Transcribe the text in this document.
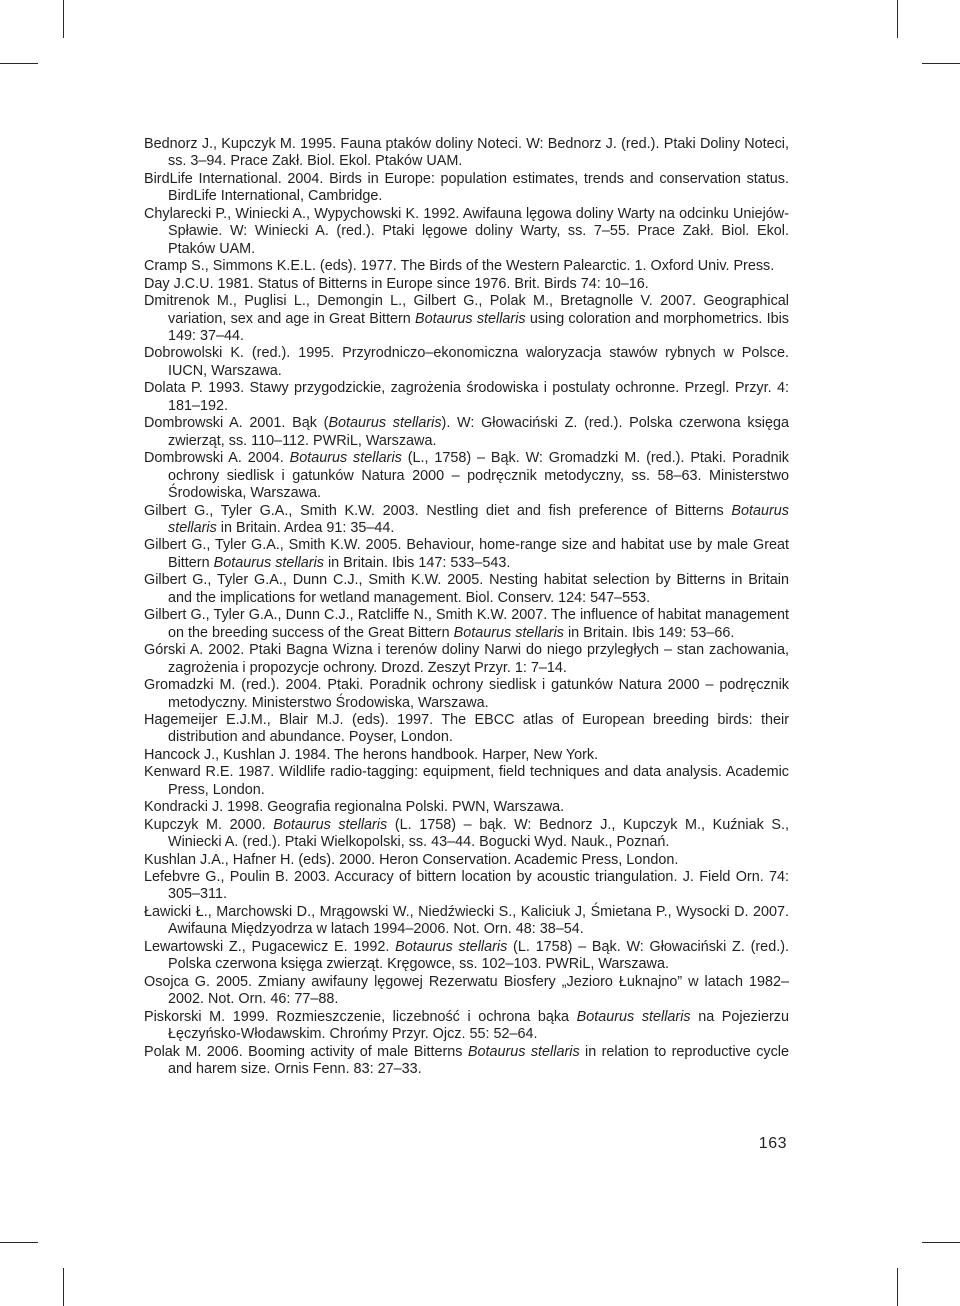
Bednorz J., Kupczyk M. 1995. Fauna ptaków doliny Noteci. W: Bednorz J. (red.). Ptaki Doliny Noteci, ss. 3–94. Prace Zakł. Biol. Ekol. Ptaków UAM.

BirdLife International. 2004. Birds in Europe: population estimates, trends and conservation status. BirdLife International, Cambridge.

Chylarecki P., Winiecki A., Wypychowski K. 1992. Awifauna lęgowa doliny Warty na odcinku Uniejów-Spławie. W: Winiecki A. (red.). Ptaki lęgowe doliny Warty, ss. 7–55. Prace Zakł. Biol. Ekol. Ptaków UAM.

Cramp S., Simmons K.E.L. (eds). 1977. The Birds of the Western Palearctic. 1. Oxford Univ. Press.

Day J.C.U. 1981. Status of Bitterns in Europe since 1976. Brit. Birds 74: 10–16.

Dmitrenok M., Puglisi L., Demongin L., Gilbert G., Polak M., Bretagnolle V. 2007. Geographical variation, sex and age in Great Bittern Botaurus stellaris using coloration and morphometrics. Ibis 149: 37–44.

Dobrowolski K. (red.). 1995. Przyrodniczo–ekonomiczna waloryzacja stawów rybnych w Polsce. IUCN, Warszawa.

Dolata P. 1993. Stawy przygodzickie, zagrożenia środowiska i postulaty ochronne. Przegl. Przyr. 4: 181–192.

Dombrowski A. 2001. Bąk (Botaurus stellaris). W: Głowaciński Z. (red.). Polska czerwona księga zwierząt, ss. 110–112. PWRiL, Warszawa.

Dombrowski A. 2004. Botaurus stellaris (L., 1758) – Bąk. W: Gromadzki M. (red.). Ptaki. Poradnik ochrony siedlisk i gatunków Natura 2000 – podręcznik metodyczny, ss. 58–63. Ministerstwo Środowiska, Warszawa.

Gilbert G., Tyler G.A., Smith K.W. 2003. Nestling diet and fish preference of Bitterns Botaurus stellaris in Britain. Ardea 91: 35–44.

Gilbert G., Tyler G.A., Smith K.W. 2005. Behaviour, home-range size and habitat use by male Great Bittern Botaurus stellaris in Britain. Ibis 147: 533–543.

Gilbert G., Tyler G.A., Dunn C.J., Smith K.W. 2005. Nesting habitat selection by Bitterns in Britain and the implications for wetland management. Biol. Conserv. 124: 547–553.

Gilbert G., Tyler G.A., Dunn C.J., Ratcliffe N., Smith K.W. 2007. The influence of habitat management on the breeding success of the Great Bittern Botaurus stellaris in Britain. Ibis 149: 53–66.

Górski A. 2002. Ptaki Bagna Wizna i terenów doliny Narwi do niego przyległych – stan zachowania, zagrożenia i propozycje ochrony. Drozd. Zeszyt Przyr. 1: 7–14.

Gromadzki M. (red.). 2004. Ptaki. Poradnik ochrony siedlisk i gatunków Natura 2000 – podręcznik metodyczny. Ministerstwo Środowiska, Warszawa.

Hagemeijer E.J.M., Blair M.J. (eds). 1997. The EBCC atlas of European breeding birds: their distribution and abundance. Poyser, London.

Hancock J., Kushlan J. 1984. The herons handbook. Harper, New York.

Kenward R.E. 1987. Wildlife radio-tagging: equipment, field techniques and data analysis. Academic Press, London.

Kondracki J. 1998. Geografia regionalna Polski. PWN, Warszawa.

Kupczyk M. 2000. Botaurus stellaris (L. 1758) – bąk. W: Bednorz J., Kupczyk M., Kuźniak S., Winiecki A. (red.). Ptaki Wielkopolski, ss. 43–44. Bogucki Wyd. Nauk., Poznań.

Kushlan J.A., Hafner H. (eds). 2000. Heron Conservation. Academic Press, London.

Lefebvre G., Poulin B. 2003. Accuracy of bittern location by acoustic triangulation. J. Field Orn. 74: 305–311.

Ławicki Ł., Marchowski D., Mrągowski W., Niedźwiecki S., Kaliciuk J, Śmietana P., Wysocki D. 2007. Awifauna Międzyodrza w latach 1994–2006. Not. Orn. 48: 38–54.

Lewartowski Z., Pugacewicz E. 1992. Botaurus stellaris (L. 1758) – Bąk. W: Głowaciński Z. (red.). Polska czerwona księga zwierząt. Kręgowce, ss. 102–103. PWRiL, Warszawa.

Osojca G. 2005. Zmiany awifauny lęgowej Rezerwatu Biosfery „Jezioro Łuknajno” w latach 1982–2002. Not. Orn. 46: 77–88.

Piskorski M. 1999. Rozmieszczenie, liczebność i ochrona bąka Botaurus stellaris na Pojezierzu Łęczyńsko-Włodawskim. Chrońmy Przyr. Ojcz. 55: 52–64.

Polak M. 2006. Booming activity of male Bitterns Botaurus stellaris in relation to reproductive cycle and harem size. Ornis Fenn. 83: 27–33.

163
